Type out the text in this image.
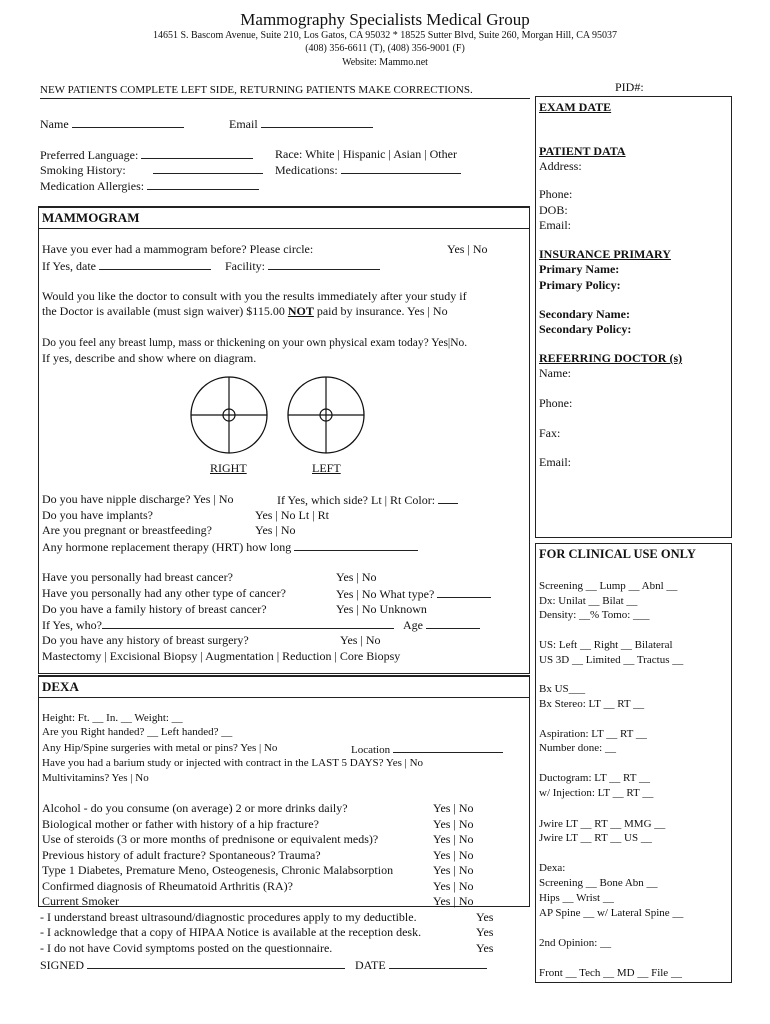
Mammography Specialists Medical Group
14651 S. Bascom Avenue, Suite 210, Los Gatos, CA 95032 * 18525 Sutter Blvd, Suite 260, Morgan Hill, CA 95037
(408) 356-6611 (T), (408) 356-9001 (F)
Website: Mammo.net
NEW PATIENTS COMPLETE LEFT SIDE, RETURNING PATIENTS MAKE CORRECTIONS.	PID#:
Name	Email
Preferred Language:	Race: White | Hispanic | Asian | Other
Smoking History:	Medications:
Medication Allergies:
MAMMOGRAM
Have you ever had a mammogram before? Please circle:	Yes | No
If Yes, date	Facility:
Would you like the doctor to consult with you the results immediately after your study if
the Doctor is available (must sign waiver) $115.00 NOT paid by insurance. Yes | No
Do you feel any breast lump, mass or thickening on your own physical exam today? Yes|No.
If yes, describe and show where on diagram.
RIGHT	LEFT
Do you have nipple discharge? Yes | No	If Yes, which side? Lt | Rt Color:
Do you have implants?	Yes | No Lt | Rt
Are you pregnant or breastfeeding?	Yes | No
Any hormone replacement therapy (HRT) how long
Have you personally had breast cancer?	Yes | No
Have you personally had any other type of cancer?	Yes | No What type?
Do you have a family history of breast cancer?	Yes | No Unknown
If Yes, who?	Age
Do you have any history of breast surgery?	Yes | No
Mastectomy | Excisional Biopsy | Augmentation | Reduction | Core Biopsy
DEXA
Height: Ft. __ In. __ Weight: __
Are you Right handed? __ Left handed? __
Any Hip/Spine surgeries with metal or pins? Yes | No	Location
Have you had a barium study or injected with contract in the LAST 5 DAYS? Yes | No
Multivitamins? Yes | No
Alcohol - do you consume (on average) 2 or more drinks daily?	Yes | No
Biological mother or father with history of a hip fracture?	Yes | No
Use of steroids (3 or more months of prednisone or equivalent meds)?	Yes | No
Previous history of adult fracture? Spontaneous? Trauma?	Yes | No
Type 1 Diabetes, Premature Meno, Osteogenesis, Chronic Malabsorption	Yes | No
Confirmed diagnosis of Rheumatoid Arthritis (RA)?	Yes | No
Current Smoker	Yes | No
- I understand breast ultrasound/diagnostic procedures apply to my deductible.	Yes
- I acknowledge that a copy of HIPAA Notice is available at the reception desk.	Yes
- I do not have Covid symptoms posted on the questionnaire.	Yes
SIGNED	DATE
EXAM DATE
PATIENT DATA
Address:
Phone:
DOB:
Email:
INSURANCE PRIMARY
Primary Name:
Primary Policy:
Secondary Name:
Secondary Policy:
REFERRING DOCTOR (s)
Name:
Phone:
Fax:
Email:
FOR CLINICAL USE ONLY
Screening __ Lump __ Abnl __
Dx: Unilat __ Bilat __
Density: __% Tomo: ___
US: Left __ Right __ Bilateral
US 3D __ Limited __ Tractus __
Bx US___
Bx Stereo: LT __ RT __
Aspiration: LT __ RT __
Number done: __
Ductogram: LT __ RT __
w/ Injection: LT __ RT __
Jwire LT __ RT __ MMG __
Jwire LT __ RT __ US __
Dexa:
Screening __ Bone Abn __
Hips __ Wrist __
AP Spine __ w/ Lateral Spine __
2nd Opinion: __
Front __ Tech __ MD __ File __
